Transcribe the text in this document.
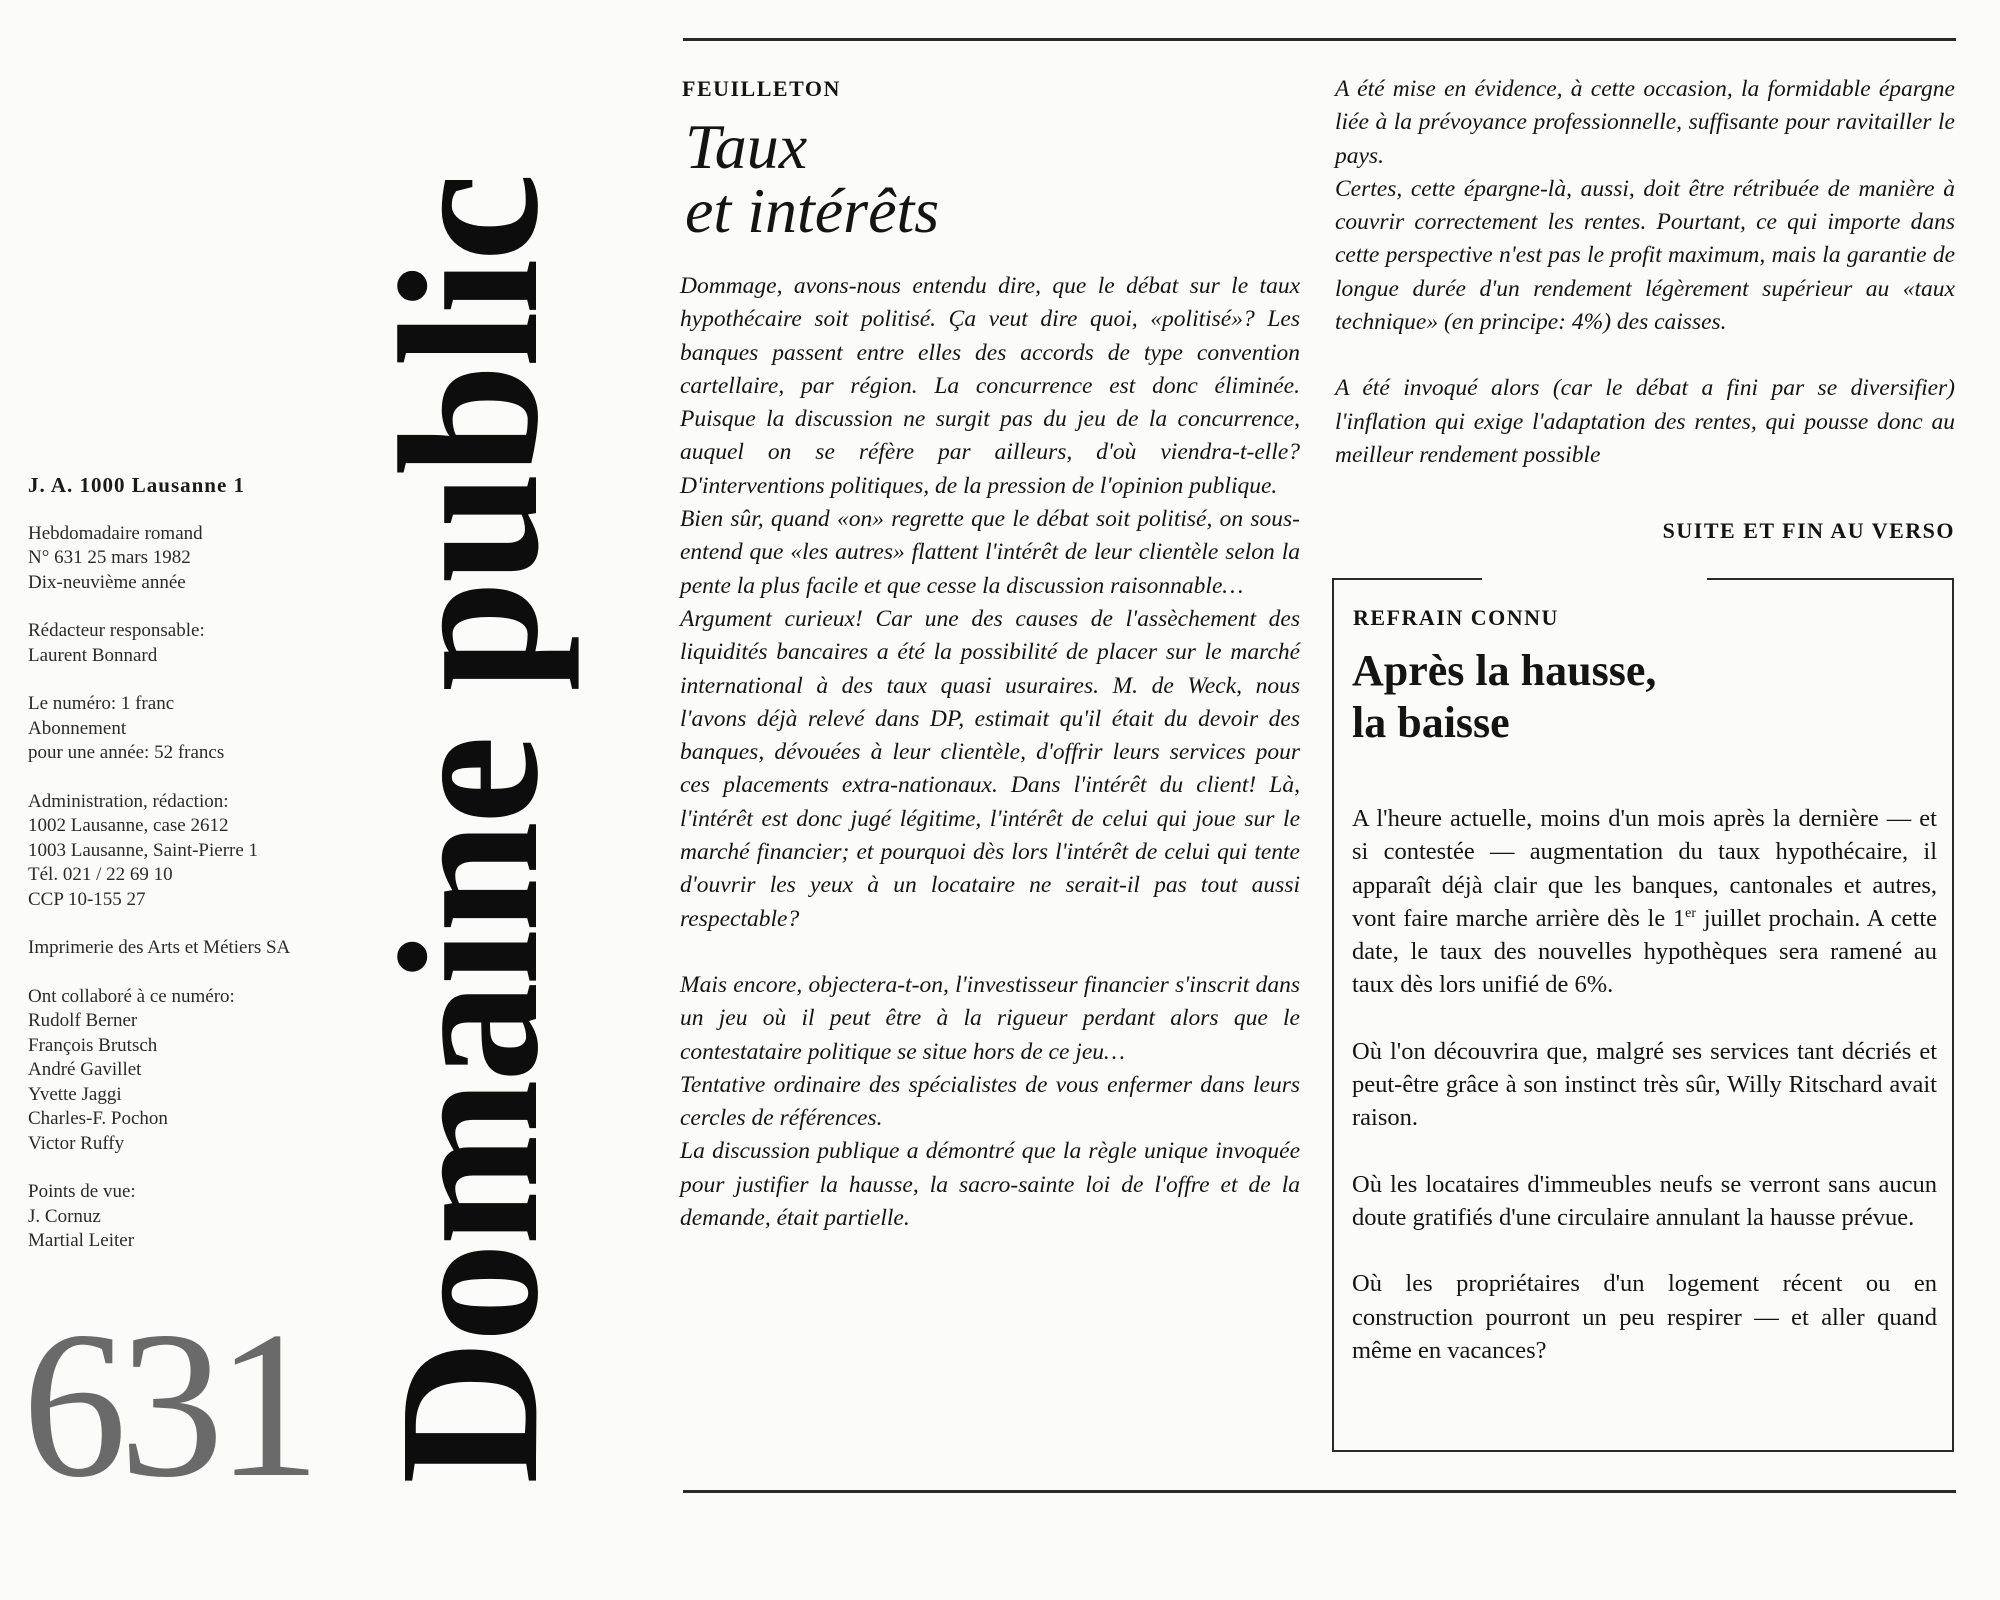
J. A. 1000 Lausanne 1
Hebdomadaire romand
N° 631 25 mars 1982
Dix-neuvième année
Rédacteur responsable:
Laurent Bonnard
Le numéro: 1 franc
Abonnement
pour une année: 52 francs
Administration, rédaction:
1002 Lausanne, case 2612
1003 Lausanne, Saint-Pierre 1
Tél. 021 / 22 69 10
CCP 10-155 27
Imprimerie des Arts et Métiers SA
Ont collaboré à ce numéro:
Rudolf Berner
François Brutsch
André Gavillet
Yvette Jaggi
Charles-F. Pochon
Victor Ruffy
Points de vue:
J. Cornuz
Martial Leiter
631 Domaine public
FEUILLETON
Taux
et intérêts

Dommage, avons-nous entendu dire, que le débat sur le taux hypothécaire soit politisé. Ça veut dire quoi, «politisé»? Les banques passent entre elles des accords de type convention cartellaire, par région. La concurrence est donc éliminée. Puisque la discussion ne surgit pas du jeu de la concurrence, auquel on se réfère par ailleurs, d'où viendra-t-elle? D'interventions politiques, de la pression de l'opinion publique.

Bien sûr, quand «on» regrette que le débat soit politisé, on sous-entend que «les autres» flattent l'intérêt de leur clientèle selon la pente la plus facile et que cesse la discussion raisonnable…

Argument curieux! Car une des causes de l'assèchement des liquidités bancaires a été la possibilité de placer sur le marché international à des taux quasi usuraires. M. de Weck, nous l'avons déjà relevé dans DP, estimait qu'il était du devoir des banques, dévouées à leur clientèle, d'offrir leurs services pour ces placements extra-nationaux. Dans l'intérêt du client! Là, l'intérêt est donc jugé légitime, l'intérêt de celui qui joue sur le marché financier; et pourquoi dès lors l'intérêt de celui qui tente d'ouvrir les yeux à un locataire ne serait-il pas tout aussi respectable?

Mais encore, objectera-t-on, l'investisseur financier s'inscrit dans un jeu où il peut être à la rigueur perdant alors que le contestataire politique se situe hors de ce jeu…

Tentative ordinaire des spécialistes de vous enfermer dans leurs cercles de références.

La discussion publique a démontré que la règle unique invoquée pour justifier la hausse, la sacro-sainte loi de l'offre et de la demande, était partielle.

A été mise en évidence, à cette occasion, la formidable épargne liée à la prévoyance professionnelle, suffisante pour ravitailler le pays.

Certes, cette épargne-là, aussi, doit être rétribuée de manière à couvrir correctement les rentes. Pourtant, ce qui importe dans cette perspective n'est pas le profit maximum, mais la garantie de longue durée d'un rendement légèrement supérieur au «taux technique» (en principe: 4%) des caisses.

A été invoqué alors (car le débat a fini par se diversifier) l'inflation qui exige l'adaptation des rentes, qui pousse donc au meilleur rendement possible

SUITE ET FIN AU VERSO
REFRAIN CONNU
Après la hausse,
la baisse

A l'heure actuelle, moins d'un mois après la dernière — et si contestée — augmentation du taux hypothécaire, il apparaît déjà clair que les banques, cantonales et autres, vont faire marche arrière dès le 1er juillet prochain. A cette date, le taux des nouvelles hypothèques sera ramené au taux dès lors unifié de 6%.

Où l'on découvrira que, malgré ses services tant décriés et peut-être grâce à son instinct très sûr, Willy Ritschard avait raison.

Où les locataires d'immeubles neufs se verront sans aucun doute gratifiés d'une circulaire annulant la hausse prévue.

Où les propriétaires d'un logement récent ou en construction pourront un peu respirer — et aller quand même en vacances?
